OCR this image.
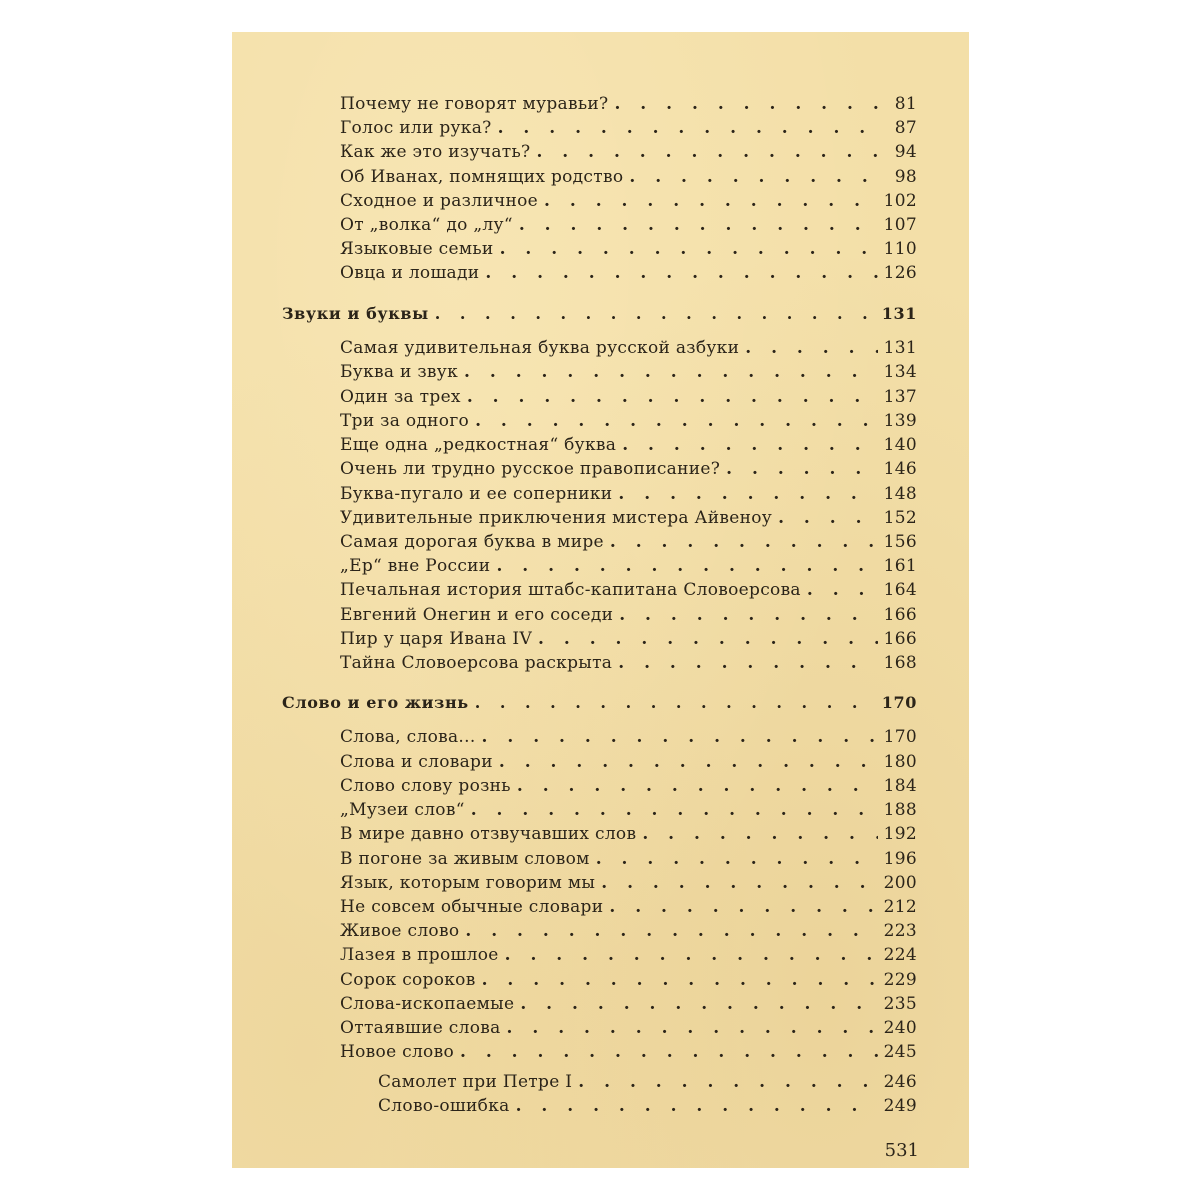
Почему не говорят муравьи? . . .	81
Голос или рука? . . .	87
Как же это изучать? . . .	94
Об Иванах, помнящих родство . . .	98
Сходное и различное . . .	102
От „волка“ до „лу“ . . .	107
Языковые семьи . . .	110
Овца и лошади . . .	126
Звуки и буквы . . .	131
Самая удивительная буква русской азбуки . . .	131
Буква и звук . . .	134
Один за трех . . .	137
Три за одного . . .	139
Еще одна „редкостная“ буква . . .	140
Очень ли трудно русское правописание? . . .	146
Буква-пугало и ее соперники . . .	148
Удивительные приключения мистера Айвеноу . . .	152
Самая дорогая буква в мире . . .	156
„Ер“ вне России . . .	161
Печальная история штабс-капитана Словоерсова . . .	164
Евгений Онегин и его соседи . . .	166
Пир у царя Ивана IV . . .	166
Тайна Словоерсова раскрыта . . .	168
Слово и его жизнь . . .	170
Слова, слова... . . .	170
Слова и словари . . .	180
Слово слову рознь . . .	184
„Музеи слов“ . . .	188
В мире давно отзвучавших слов . . .	192
В погоне за живым словом . . .	196
Язык, которым говорим мы . . .	200
Не совсем обычные словари . . .	212
Живое слово . . .	223
Лазея в прошлое . . .	224
Сорок сороков . . .	229
Слова-ископаемые . . .	235
Оттаявшие слова . . .	240
Новое слово . . .	245
Самолет при Петре I . . .	246
Слово-ошибка . . .	249
531
